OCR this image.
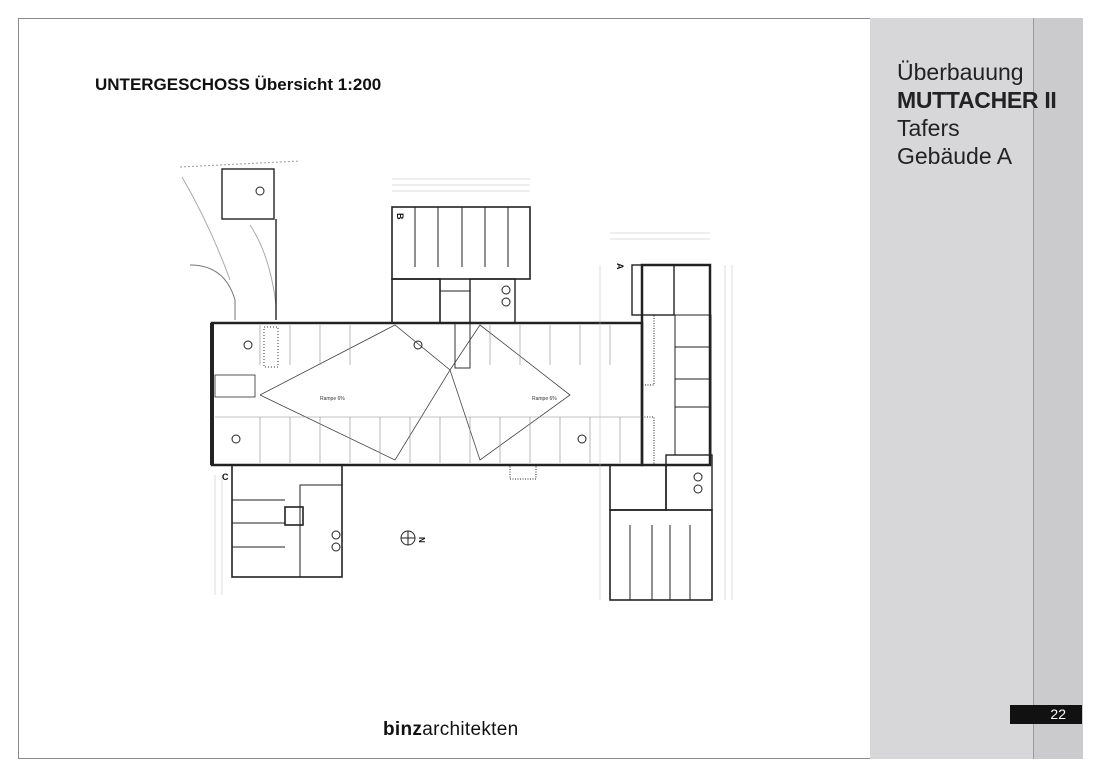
Überbauung
MUTTACHER II
Tafers
Gebäude A
22
UNTERGESCHOSS Übersicht 1:200
binzarchitekten
B
A
C
N
Rampe 6%	Rampe 6%
